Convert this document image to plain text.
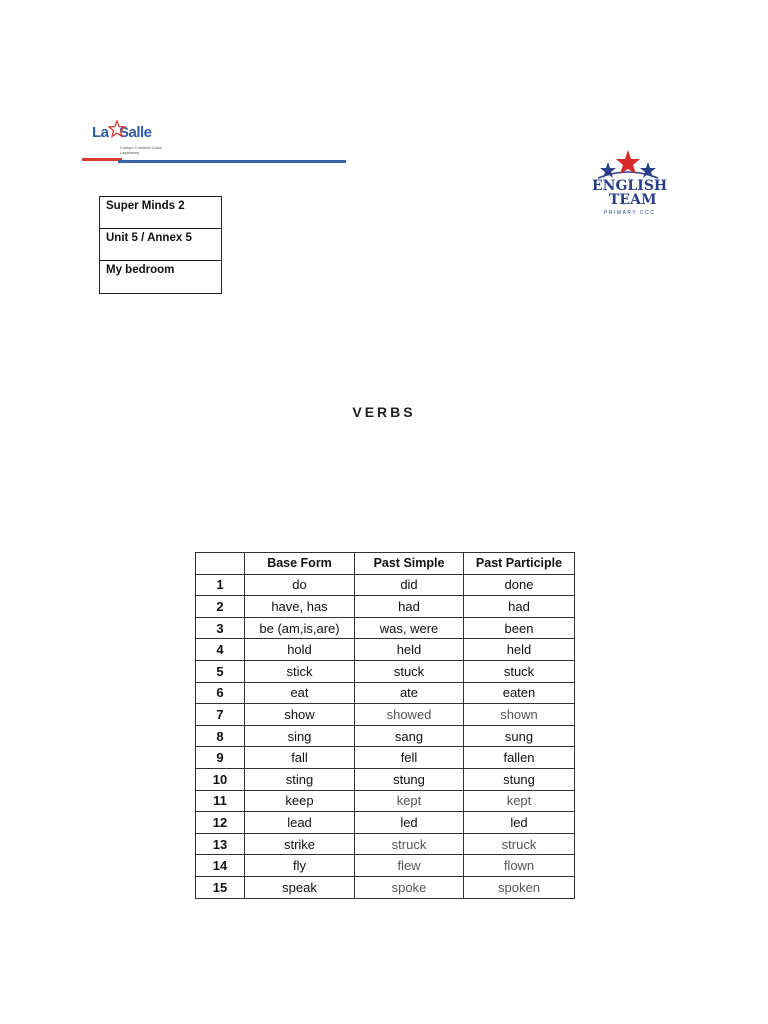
La Salle
Colegio Cristóbal Colón
Lasalianos
Super Minds 2
Unit 5 / Annex 5
My bedroom
ENGLISH
TEAM
PRIMARY CCC
VERBS
	Base Form	Past Simple	Past Participle
1	do	did	done
2	have, has	had	had
3	be (am,is,are)	was, were	been
4	hold	held	held
5	stick	stuck	stuck
6	eat	ate	eaten
7	show	showed	shown
8	sing	sang	sung
9	fall	fell	fallen
10	sting	stung	stung
11	keep	kept	kept
12	lead	led	led
13	strike	struck	struck
14	fly	flew	flown
15	speak	spoke	spoken
